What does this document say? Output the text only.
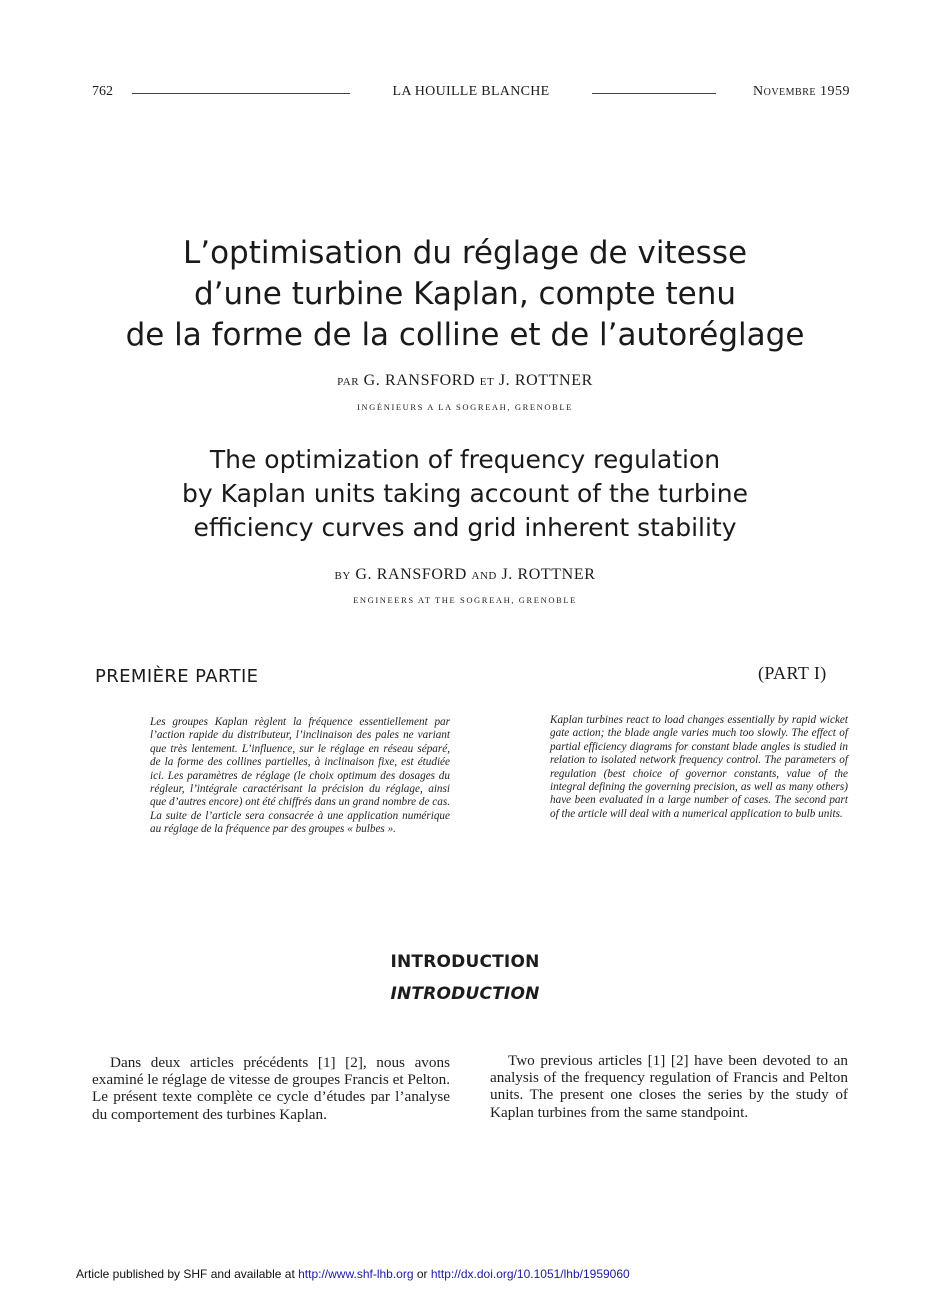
762	LA HOUILLE BLANCHE	Novembre 1959
L’optimisation du réglage de vitesse
d’une turbine Kaplan, compte tenu
de la forme de la colline et de l’autoréglage
PAR G. RANSFORD ET J. ROTTNER
INGÉNIEURS A LA SOGREAH, GRENOBLE
The optimization of frequency regulation
by Kaplan units taking account of the turbine
efficiency curves and grid inherent stability
BY G. RANSFORD AND J. ROTTNER
ENGINEERS AT THE SOGREAH, GRENOBLE
PREMIÈRE PARTIE	(PART I)

Les groupes Kaplan règlent la fréquence essentiellement par l’action rapide du distributeur, l’inclinaison des pales ne variant que très lentement. L’influence, sur le réglage en réseau séparé, de la forme des collines partielles, à inclinaison fixe, est étudiée ici. Les paramètres de réglage (le choix optimum des dosages du régleur, l’intégrale caractérisant la précision du réglage, ainsi que d’autres encore) ont été chiffrés dans un grand nombre de cas. La suite de l’article sera consacrée à une application numérique au réglage de la fréquence par des groupes « bulbes ».

Kaplan turbines react to load changes essentially by rapid wicket gate action; the blade angle varies much too slowly. The effect of partial efficiency diagrams for constant blade angles is studied in relation to isolated network frequency control. The parameters of regulation (best choice of governor constants, value of the integral defining the governing precision, as well as many others) have been evaluated in a large number of cases. The second part of the article will deal with a numerical application to bulb units.

INTRODUCTION
INTRODUCTION

Dans deux articles précédents [1] [2], nous avons examiné le réglage de vitesse de groupes Francis et Pelton. Le présent texte complète ce cycle d’études par l’analyse du comportement des turbines Kaplan.

Two previous articles [1] [2] have been devoted to an analysis of the frequency regulation of Francis and Pelton units. The present one closes the series by the study of Kaplan turbines from the same standpoint.

Article published by SHF and available at http://www.shf-lhb.org or http://dx.doi.org/10.1051/lhb/1959060
